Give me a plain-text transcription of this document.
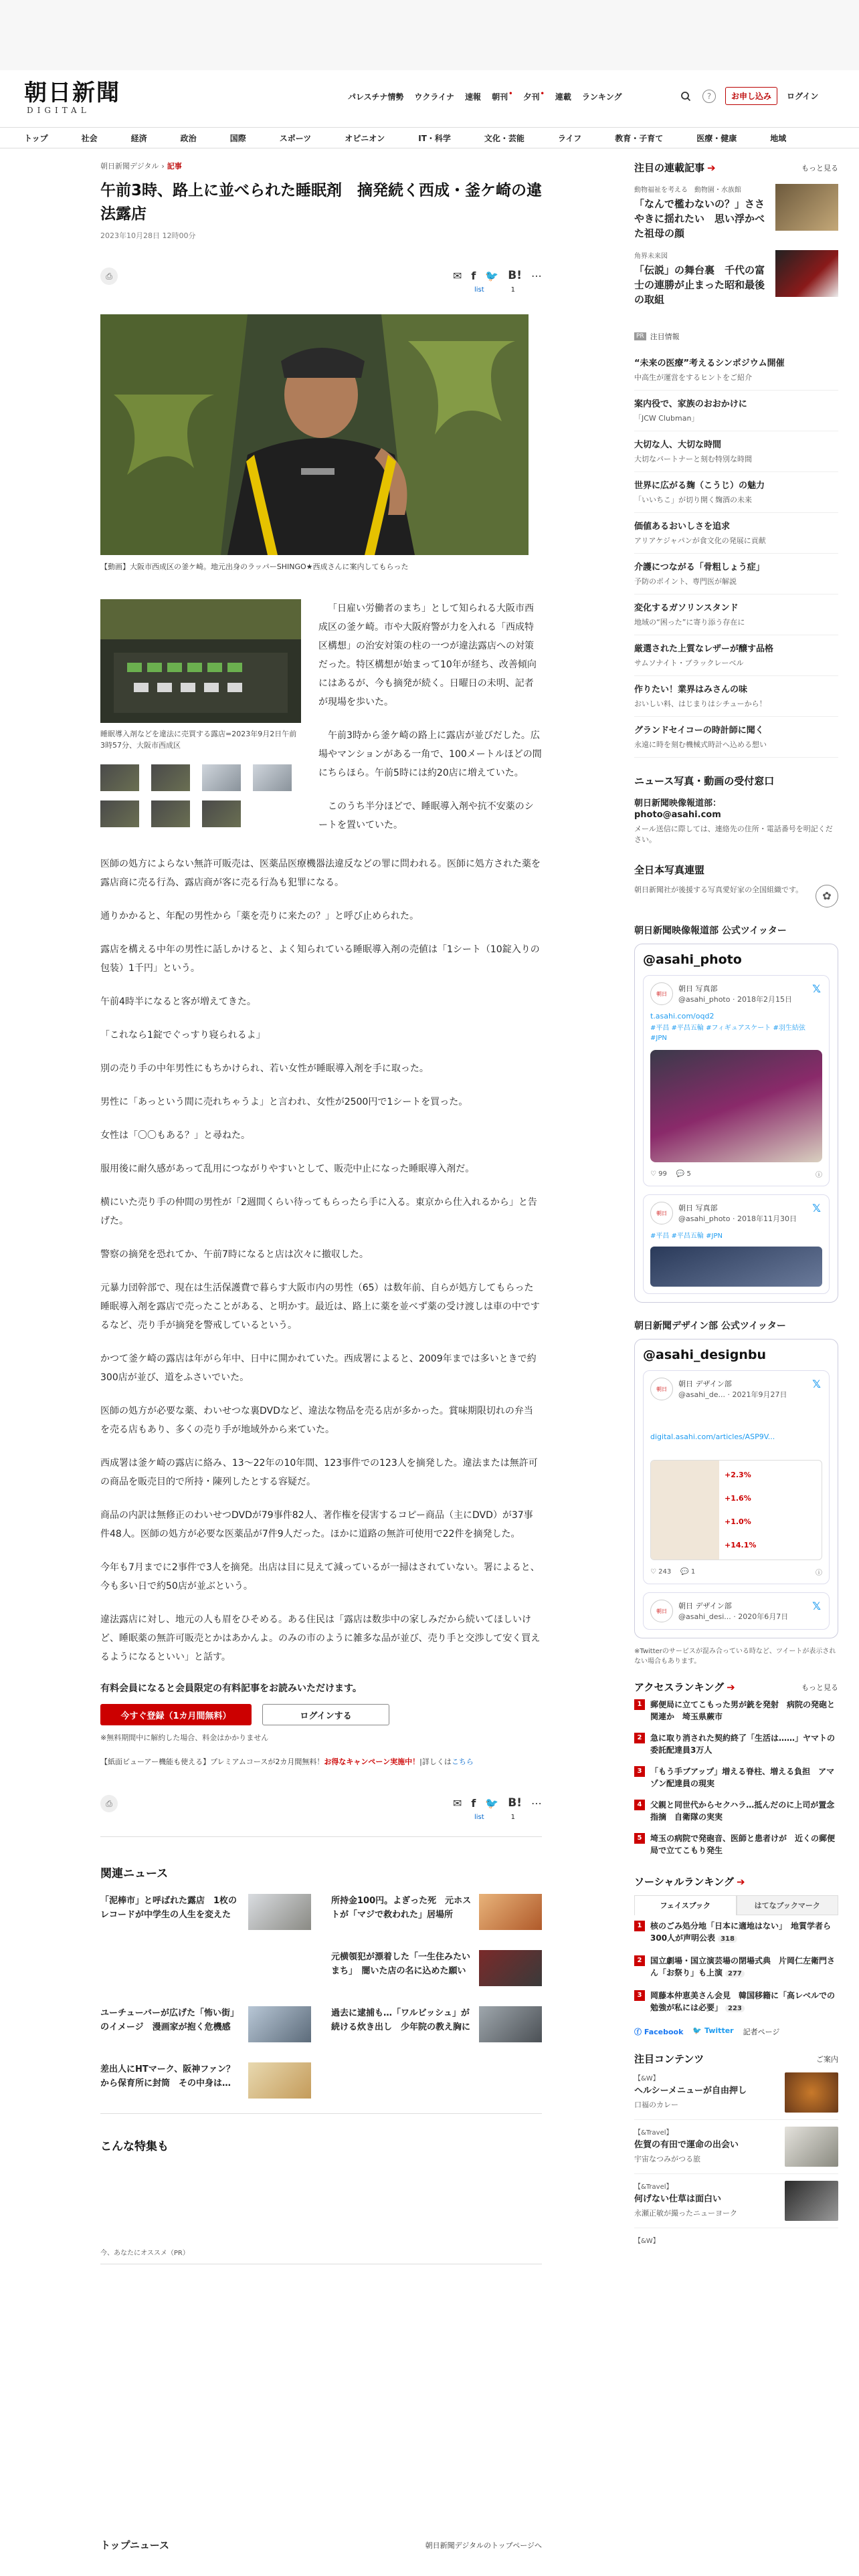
朝日新聞
DIGITAL
パレスチナ情勢 ウクライナ 速報 朝刊 •	夕刊 •	連載 ランキング	?	お申し込み	ログイン
トップ	社会	経済	政治	国際	スポーツ	オピニオン	IT・科学	文化・芸能	ライフ	教育・子育て	医療・健康	地域
朝日新聞デジタル › 記事
午前3時、路上に並べられた睡眠剤　摘発続く西成・釜ケ崎の違法露店
2023年10月28日 12時00分
⎙	✉ f 🐦 B! ⋯
list	1
【動画】大阪市西成区の釜ケ崎。地元出身のラッパーSHINGO★西成さんに案内してもらった
睡眠導入剤などを違法に売買する露店=2023年9月2日午前3時57分、大阪市西成区

「日雇い労働者のまち」として知られる大阪市西成区の釜ケ崎。市や大阪府警が力を入れる「西成特区構想」の治安対策の柱の一つが違法露店への対策だった。特区構想が始まって10年が経ち、改善傾向にはあるが、今も摘発が続く。日曜日の未明、記者が現場を歩いた。

午前3時から釜ケ崎の路上に露店が並びだした。広場やマンションがある一角で、100メートルほどの間にちらほら。午前5時には約20店に増えていた。

このうち半分ほどで、睡眠導入剤や抗不安薬のシートを置いていた。

医師の処方によらない無許可販売は、医薬品医療機器法違反などの罪に問われる。医師に処方された薬を露店商に売る行為、露店商が客に売る行為も犯罪になる。

通りかかると、年配の男性から「薬を売りに来たの？」と呼び止められた。

露店を構える中年の男性に話しかけると、よく知られている睡眠導入剤の売値は「1シート（10錠入りの包装）1千円」という。

午前4時半になると客が増えてきた。

「これなら1錠でぐっすり寝られるよ」

別の売り手の中年男性にもちかけられ、若い女性が睡眠導入剤を手に取った。

男性に「あっという間に売れちゃうよ」と言われ、女性が2500円で1シートを買った。

女性は「〇〇もある？」と尋ねた。

服用後に耐久感があって乱用につながりやすいとして、販売中止になった睡眠導入剤だ。

横にいた売り手の仲間の男性が「2週間くらい待ってもらったら手に入る。東京から仕入れるから」と告げた。

警察の摘発を恐れてか、午前7時になると店は次々に撤収した。

元暴力団幹部で、現在は生活保護費で暮らす大阪市内の男性（65）は数年前、自らが処方してもらった睡眠導入剤を露店で売ったことがある、と明かす。最近は、路上に薬を並べず薬の受け渡しは車の中でするなど、売り手が摘発を警戒しているという。

かつて釜ケ崎の露店は年がら年中、日中に開かれていた。西成署によると、2009年までは多いときで約300店が並び、道をふさいでいた。

医師の処方が必要な薬、わいせつな裏DVDなど、違法な物品を売る店が多かった。賞味期限切れの弁当を売る店もあり、多くの売り手が地域外から来ていた。

西成署は釜ケ崎の露店に絡み、13～22年の10年間、123事件での123人を摘発した。違法または無許可の商品を販売目的で所持・陳列したとする容疑だ。

商品の内訳は無修正のわいせつDVDが79事件82人、著作権を侵害するコピー商品（主にDVD）が37事件48人。医師の処方が必要な医薬品が7件9人だった。ほかに道路の無許可使用で22件を摘発した。

今年も7月までに2事件で3人を摘発。出店は目に見えて減っているが一掃はされていない。署によると、今も多い日で約50店が並ぶという。

違法露店に対し、地元の人も眉をひそめる。ある住民は「露店は数歩中の家しみだから続いてほしいけど、睡眠薬の無許可販売とかはあかんよ。のみの市のように雑多な品が並び、売り手と交渉して安く買えるようになるといい」と話す。

有料会員になると会員限定の有料記事をお読みいただけます。
今すぐ登録（1カ月間無料）	ログインする
※無料期間中に解約した場合、料金はかかりません
【紙面ビューアー機能も使える】プレミアムコースが2カ月間無料！お得なキャンペーン実施中！|詳しくはこちら
⎙	✉ f 🐦 B! ⋯
list	1
関連ニュース
「泥棒市」と呼ばれた露店　1枚のレコードが中学生の人生を変えた
所持金100円。よぎった死　元ホストが「マジで救われた」居場所
元横領犯が漂着した「一生住みたいまち」　闇いた店の名に込めた願い
ユーチューバーが広げた「怖い街」のイメージ　漫画家が抱く危機感
過去に逮捕も…「ワルビッシュ」が続ける炊き出し　少年院の教え胸に
差出人にHTマーク、阪神ファン？から保育所に封筒　その中身は…
こんな特集も
今、あなたにオススメ（PR）
トップニュース	朝日新聞デジタルのトップページへ
注目の連載記事 ➔	もっと見る
動物福祉を考える　動物園・水族館
「なんで檻わないの？」ささやきに揺れたい　思い浮かべた祖母の顔
角界未来図
「伝説」の舞台裏　千代の富士の連勝が止まった昭和最後の取組
PR 注目情報
“未来の医療”考えるシンポジウム開催
中高生が運営をするヒントをご紹介
案内役で、家族のおおかけに
「JCW Clubman」
大切な人、大切な時間
大切なパートナーと刻む特別な時間
世界に広がる麹（こうじ）の魅力
「いいちこ」が切り開く麹酒の未来
価値あるおいしさを追求
アリアケジャパンが食文化の発展に貢献
介護につながる「骨粗しょう症」
予防のポイント、専門医が解説
変化するガソリンスタンド
地域の“困った”に寄り添う存在に
厳選された上質なレザーが醸す品格
サムソナイト・ブラックレーベル
作りたい！業界はみさんの味
おいしい料、はじまりはシチューから！
グランドセイコーの時計師に聞く
永遠に時を刻む機械式時計へ込める想い
ニュース写真・動画の受付窓口
朝日新聞映像報道部：
photo@asahi.com
メール送信に際しては、連絡先の住所・電話番号を明記ください。
全日本写真連盟
朝日新聞社が後援する写真愛好家の全国組織です。	✿
朝日新聞映像報道部 公式ツイッター
@asahi_photo
朝日
朝日 写真部
@asahi_photo · 2018年2月15日
𝕏
t.asahi.com/oqd2
#平昌 #平昌五輪 #フィギュアスケート #羽生結弦 #JPN
♡ 99 💬 5	ⓘ
朝日
朝日 写真部
@asahi_photo · 2018年11月30日
𝕏
#平昌 #平昌五輪 #JPN
朝日新聞デザイン部 公式ツイッター
@asahi_designbu
朝日
朝日 デザイン部
@asahi_de... · 2021年9月27日
𝕏
digital.asahi.com/articles/ASP9V...
+2.3%
+1.6%
+1.0%
+14.1%
♡ 243 💬 1	ⓘ
朝日
朝日 デザイン部
@asahi_desi... · 2020年6月7日
𝕏
※Twitterのサービスが混み合っている時など、ツイートが表示されない場合もあります。
アクセスランキング ➔	もっと見る
1	郵便局に立てこもった男が銃を発射　病院の発砲と関連か　埼玉県蕨市
2	急に取り消された契約終了「生活は……」ヤマトの委託配達員3万人
3	「もう手ブアップ」増える脊柱、増える負担　アマゾン配達員の現実
4	父親と同世代からセクハラ…抵んだのに上司が置念指摘　自衛隊の実実
5	埼玉の病院で発砲音、医師と患者けが　近くの郵便局で立てこもり発生
ソーシャルランキング ➔
フェイスブック	はてなブックマーク
1	核のごみ処分地「日本に適地はない」　地質学者ら300人が声明公表 318
2	国立劇場・国立演芸場の閉場式典　片岡仁左衛門さん「お祭り」も上演 277
3	岡藤本仲恵美さん会見　韓国移籍に「高レベルでの勉強が私には必要」 223
ⓕ Facebook 🐦 Twitter 記者ページ
注目コンテンツ	ご案内
【&W】
ヘルシーメニューが自由押し
口福のカレー
【&Travel】
佐賀の有田で運命の出会い
宇宙なつみがつる旅
【&Travel】
何げない仕草は面白い
永瀬正敏が撮ったニューヨーク
【&W】
